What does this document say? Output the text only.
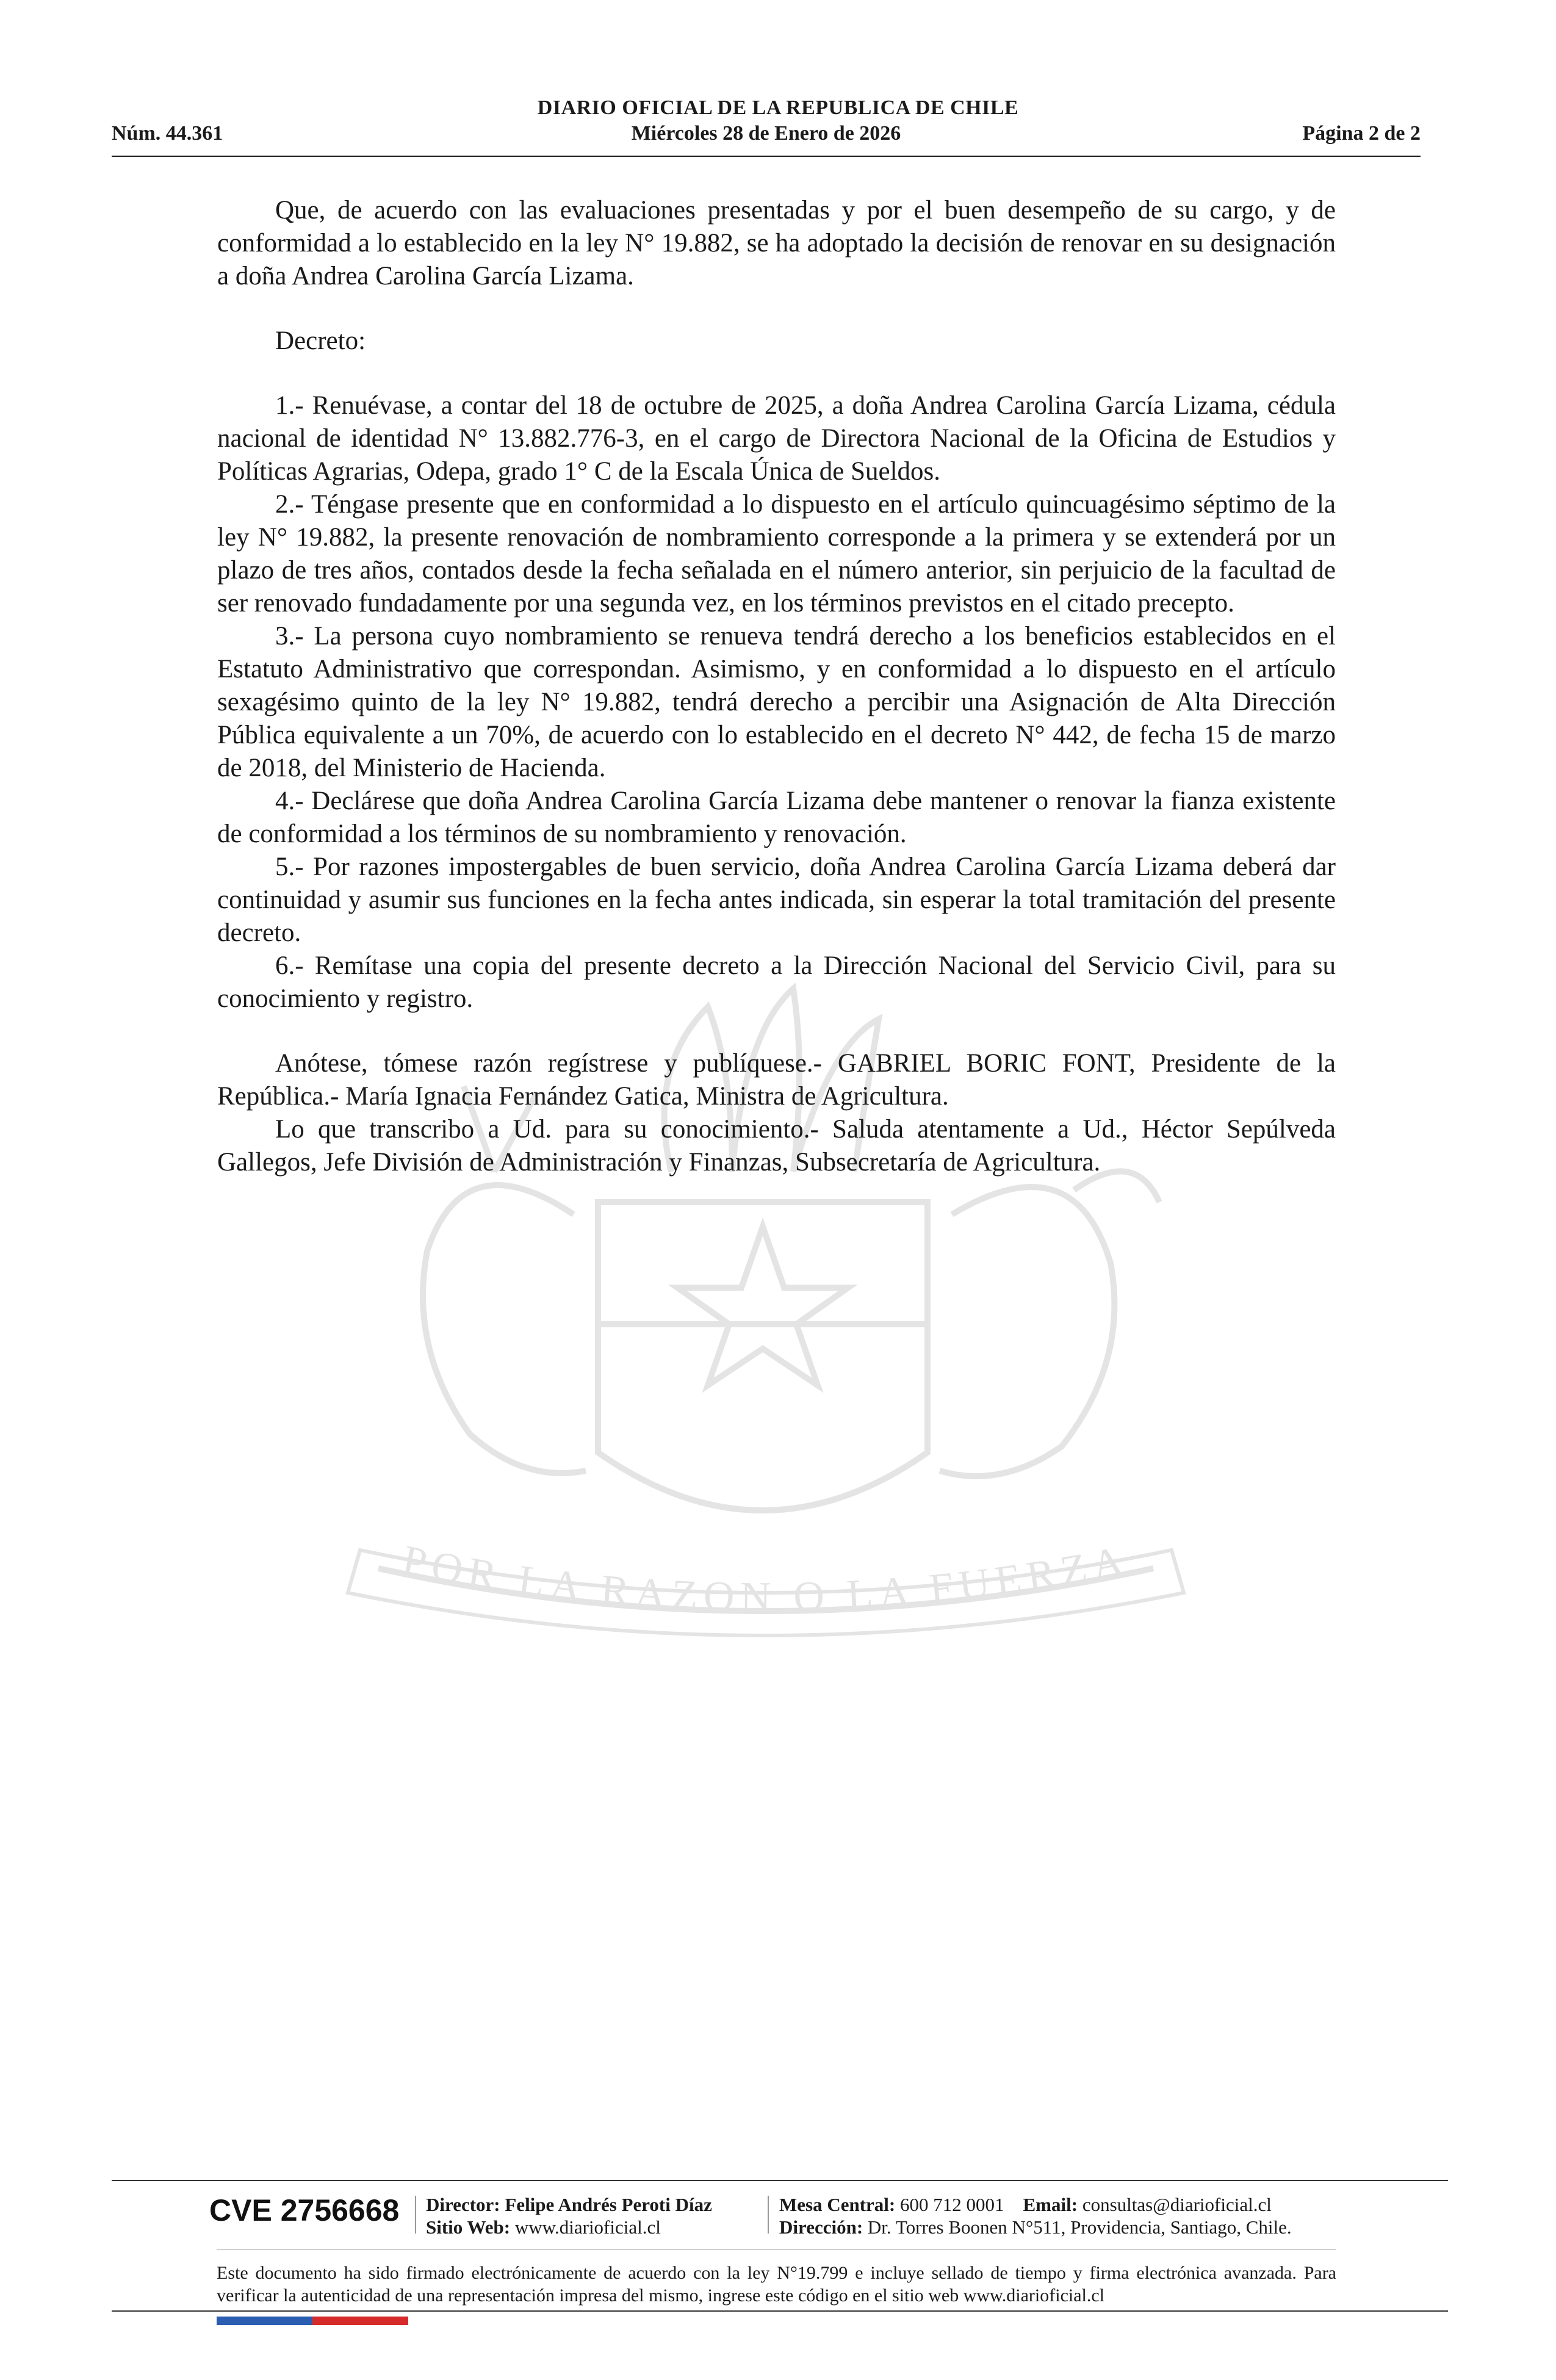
DIARIO OFICIAL DE LA REPUBLICA DE CHILE
Núm. 44.361	Miércoles 28 de Enero de 2026	Página 2 de 2
POR LA RAZON O LA FUERZA

Que, de acuerdo con las evaluaciones presentadas y por el buen desempeño de su cargo, y de conformidad a lo establecido en la ley N° 19.882, se ha adoptado la decisión de renovar en su designación a doña Andrea Carolina García Lizama.

Decreto:

1.- Renuévase, a contar del 18 de octubre de 2025, a doña Andrea Carolina García Lizama, cédula nacional de identidad N° 13.882.776-3, en el cargo de Directora Nacional de la Oficina de Estudios y Políticas Agrarias, Odepa, grado 1° C de la Escala Única de Sueldos.

2.- Téngase presente que en conformidad a lo dispuesto en el artículo quincuagésimo séptimo de la ley N° 19.882, la presente renovación de nombramiento corresponde a la primera y se extenderá por un plazo de tres años, contados desde la fecha señalada en el número anterior, sin perjuicio de la facultad de ser renovado fundadamente por una segunda vez, en los términos previstos en el citado precepto.

3.- La persona cuyo nombramiento se renueva tendrá derecho a los beneficios establecidos en el Estatuto Administrativo que correspondan. Asimismo, y en conformidad a lo dispuesto en el artículo sexagésimo quinto de la ley N° 19.882, tendrá derecho a percibir una Asignación de Alta Dirección Pública equivalente a un 70%, de acuerdo con lo establecido en el decreto N° 442, de fecha 15 de marzo de 2018, del Ministerio de Hacienda.

4.- Declárese que doña Andrea Carolina García Lizama debe mantener o renovar la fianza existente de conformidad a los términos de su nombramiento y renovación.

5.- Por razones impostergables de buen servicio, doña Andrea Carolina García Lizama deberá dar continuidad y asumir sus funciones en la fecha antes indicada, sin esperar la total tramitación del presente decreto.

6.- Remítase una copia del presente decreto a la Dirección Nacional del Servicio Civil, para su conocimiento y registro.

Anótese, tómese razón regístrese y publíquese.- GABRIEL BORIC FONT, Presidente de la República.- María Ignacia Fernández Gatica, Ministra de Agricultura.

Lo que transcribo a Ud. para su conocimiento.- Saluda atentamente a Ud., Héctor Sepúlveda Gallegos, Jefe División de Administración y Finanzas, Subsecretaría de Agricultura.

CVE 2756668 Director: Felipe Andrés Peroti Díaz
Sitio Web: www.diarioficial.cl
Mesa Central: 600 712 0001 Email: consultas@diarioficial.cl
Dirección: Dr. Torres Boonen N°511, Providencia, Santiago, Chile.
Este documento ha sido firmado electrónicamente de acuerdo con la ley N°19.799 e incluye sellado de tiempo y firma electrónica avanzada. Para verificar la autenticidad de una representación impresa del mismo, ingrese este código en el sitio web www.diarioficial.cl
